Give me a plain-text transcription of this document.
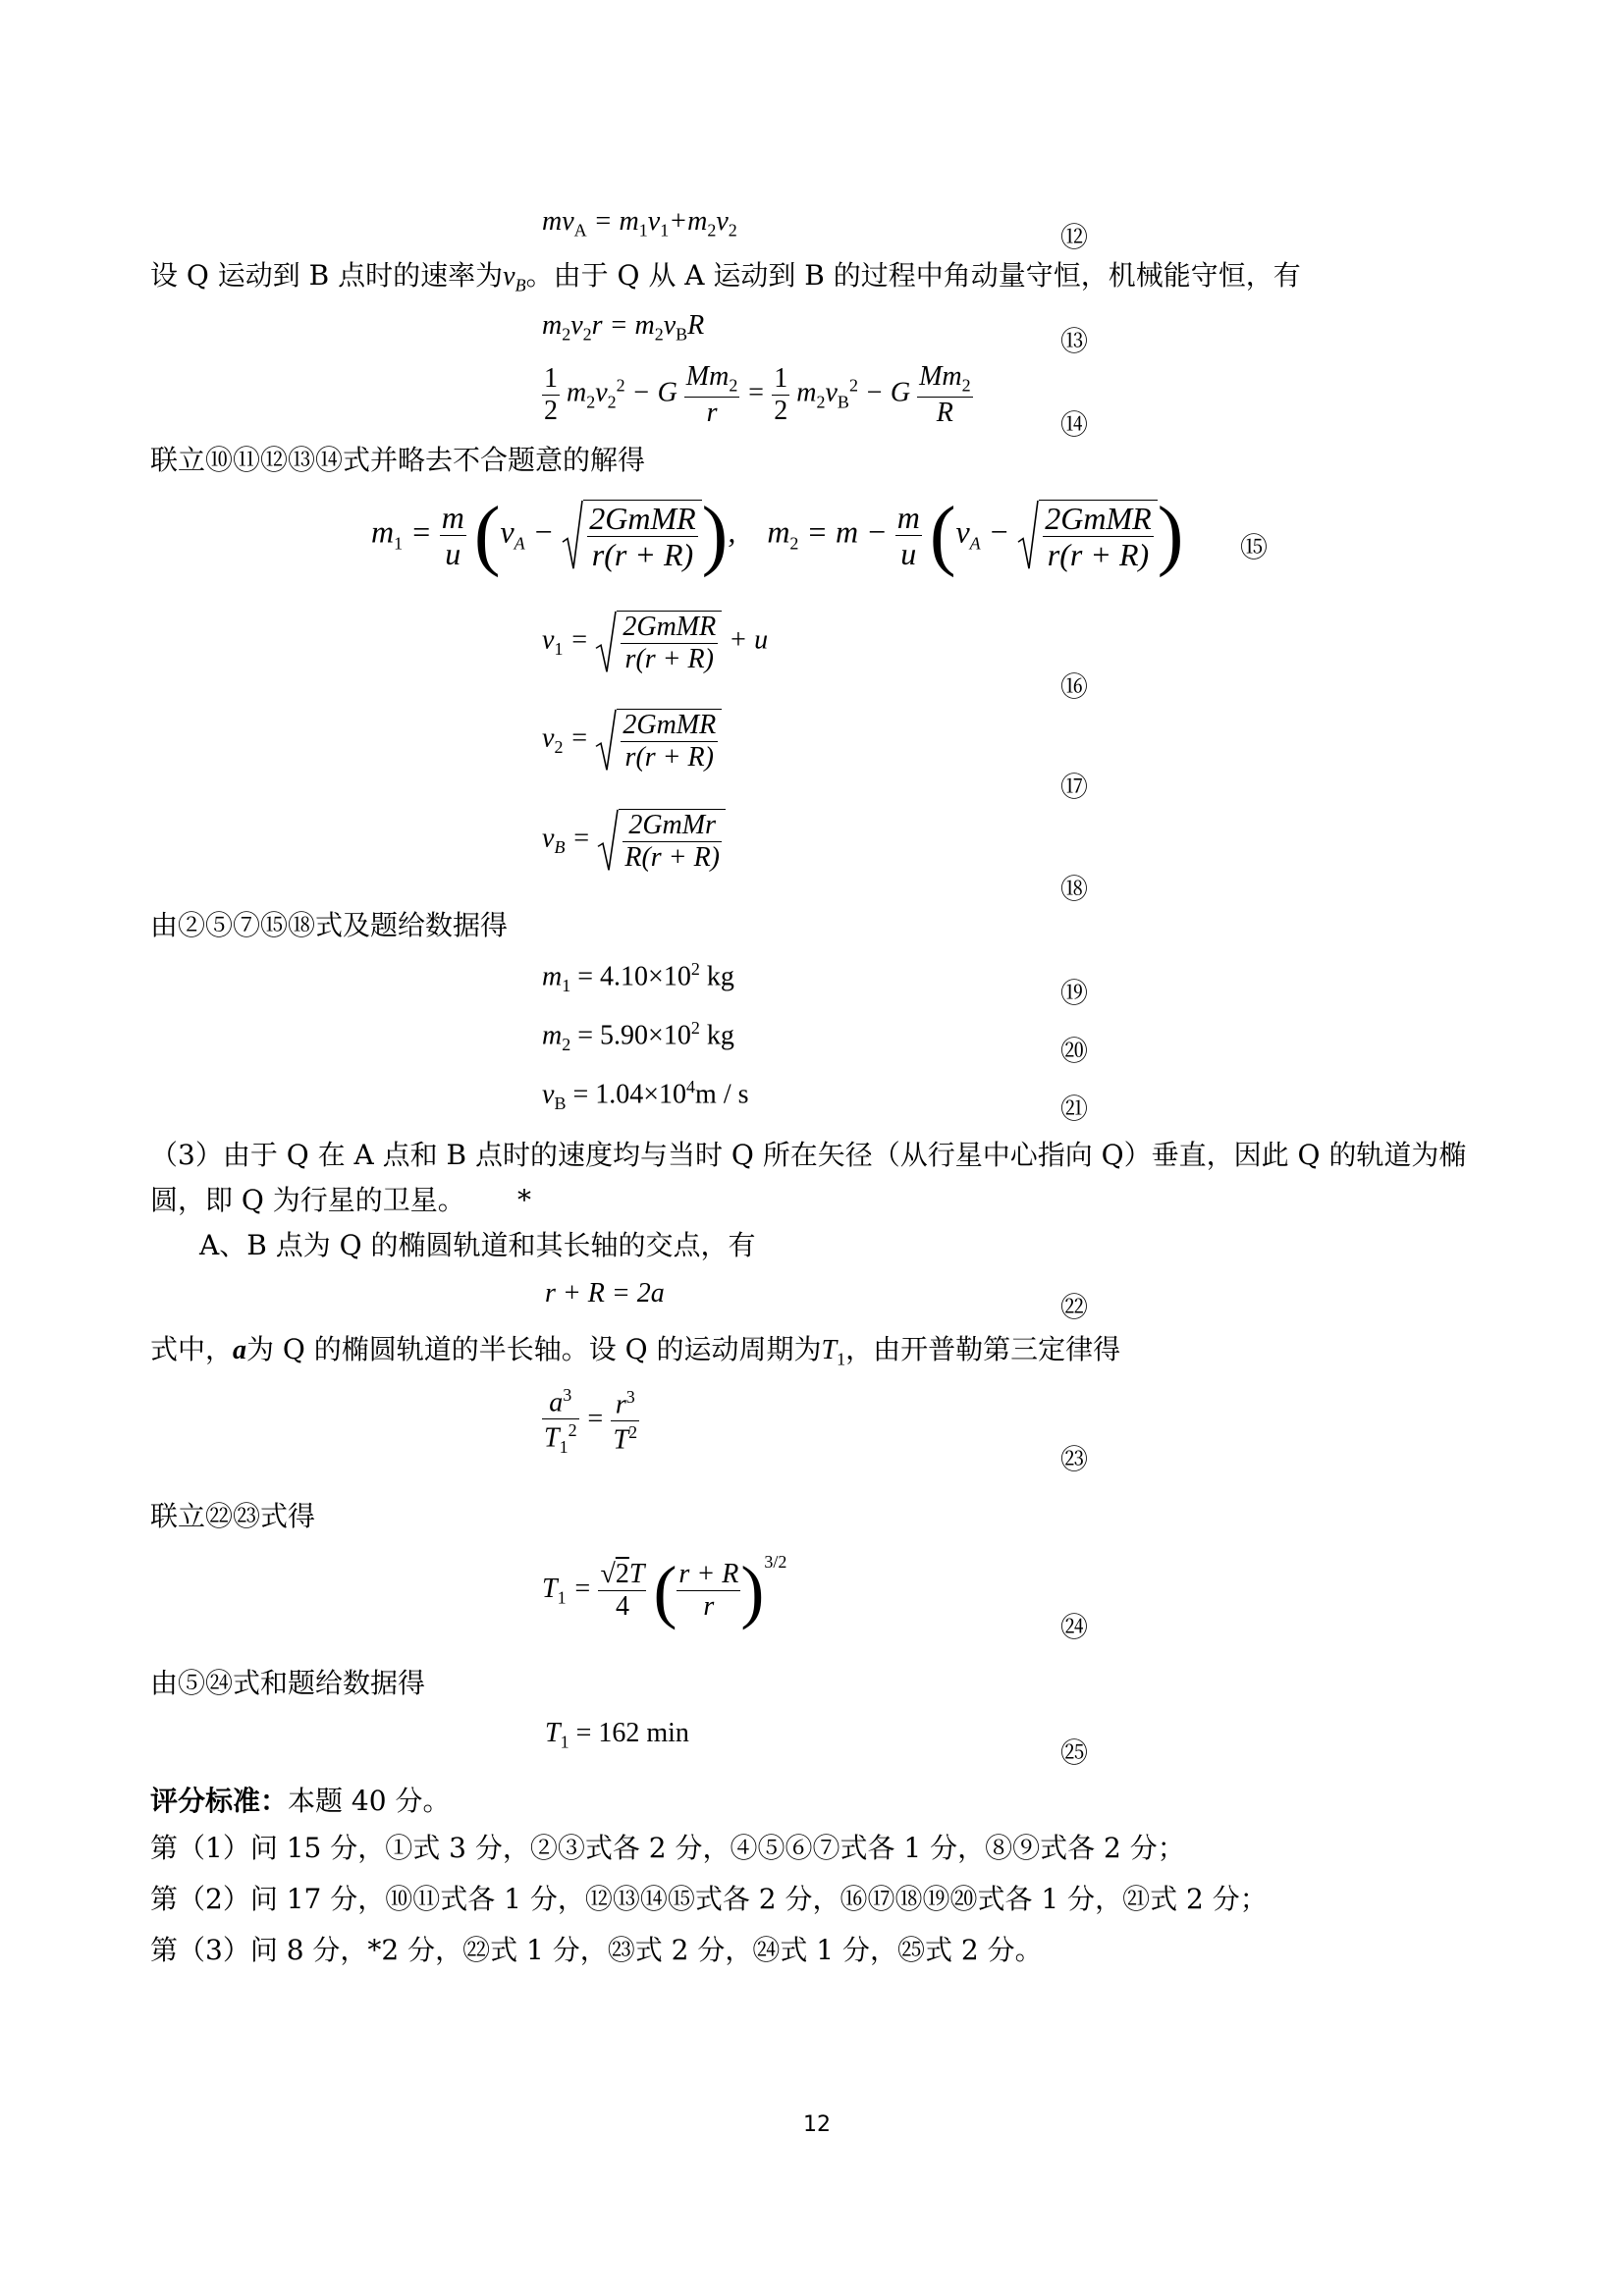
$mv_A = m_1v_1+m_2v_2$	⑫
设 Q 运动到 B 点时的速率为$v_B$。由于 Q 从 A 运动到 B 的过程中角动量守恒，机械能守恒，有
$m_2v_2r = m_2v_BR$	⑬
$\frac{1}{2} m_2v_2^2 - G \frac{Mm_2}{r} = \frac{1}{2} m_2v_B^2 - G \frac{Mm_2}{R}$	⑭
联立⑩⑪⑫⑬⑭式并略去不合题意的解得
$m_1 = \frac{m}{u} (v_A - \frac{\text{2GmMR}}{r(r + R)}$ ),    $m_2 = m - \frac{m}{u} (v_A - \frac{\text{2GmMR}}{r(r + R)}$ ) ⑮
$v_1 = \frac{\text{2GmMR}}{r(r + R)} + u$
⑯
$v_2 = \frac{\text{2GmMR}}{r(r + R)}$
⑰
$v_B = \frac{\text{2GmMr}}{R(r + R)}$
⑱
由②⑤⑦⑮⑱式及题给数据得
$m_1 = 4.10\times 10^2$ kg
⑲
$m_2 = 5.90\times 10^2$ kg	⑳
$v_B = 1.04\times 10^4m / s$	㉑
（3）由于 Q 在 A 点和 B 点时的速度均与当时 Q 所在矢径（从行星中心指向 Q）垂直，因此 Q 的轨道为椭
圆，即 Q 为行星的卫星。 *
A、B 点为 Q 的椭圆轨道和其长轴的交点，有
r + R = 2a	㉒
式中，a为 Q 的椭圆轨道的半长轴。设 Q 的运动周期为$T_1$，由开普勒第三定律得
$\frac{a^3}{T_1^2} = \frac{r^3}{T^2}$
㉓
联立㉒㉓式得
$T_1 = \frac{√2T}{4}$ ( $\frac{r + R}{r} )^{3/2}$
㉔
由⑤㉔式和题给数据得
$T_1 = 162$ min
㉕
评分标准：本题 40 分。
第（1）问 15 分，①式 3 分，②③式各 2 分，④⑤⑥⑦式各 1 分，⑧⑨式各 2 分；
第（2）问 17 分，⑩⑪式各 1 分，⑫⑬⑭⑮式各 2 分，⑯⑰⑱⑲⑳式各 1 分，㉑式 2 分；
第（3）问 8 分，*2 分，㉒式 1 分，㉓式 2 分，㉔式 1 分，㉕式 2 分。
12
